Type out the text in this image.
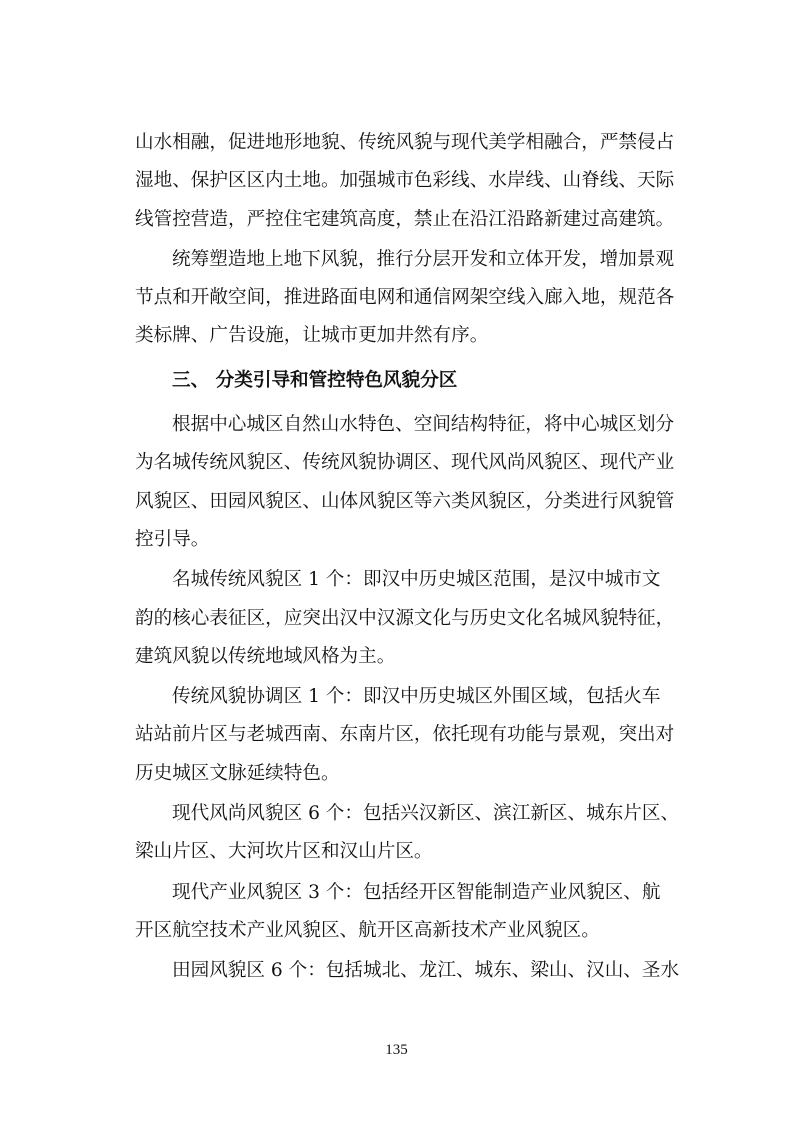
山水相融，促进地形地貌、传统风貌与现代美学相融合，严禁侵占
湿地、保护区区内土地。加强城市色彩线、水岸线、山脊线、天际
线管控营造，严控住宅建筑高度，禁止在沿江沿路新建过高建筑。
统筹塑造地上地下风貌，推行分层开发和立体开发，增加景观
节点和开敞空间，推进路面电网和通信网架空线入廊入地，规范各
类标牌、广告设施，让城市更加井然有序。
三、 分类引导和管控特色风貌分区
根据中心城区自然山水特色、空间结构特征，将中心城区划分
为名城传统风貌区、传统风貌协调区、现代风尚风貌区、现代产业
风貌区、田园风貌区、山体风貌区等六类风貌区，分类进行风貌管
控引导。
名城传统风貌区 1 个：即汉中历史城区范围，是汉中城市文
韵的核心表征区，应突出汉中汉源文化与历史文化名城风貌特征，
建筑风貌以传统地域风格为主。
传统风貌协调区 1 个：即汉中历史城区外围区域，包括火车
站站前片区与老城西南、东南片区，依托现有功能与景观，突出对
历史城区文脉延续特色。
现代风尚风貌区 6 个：包括兴汉新区、滨江新区、城东片区、
梁山片区、大河坎片区和汉山片区。
现代产业风貌区 3 个：包括经开区智能制造产业风貌区、航
开区航空技术产业风貌区、航开区高新技术产业风貌区。
田园风貌区 6 个：包括城北、龙江、城东、梁山、汉山、圣水
135
